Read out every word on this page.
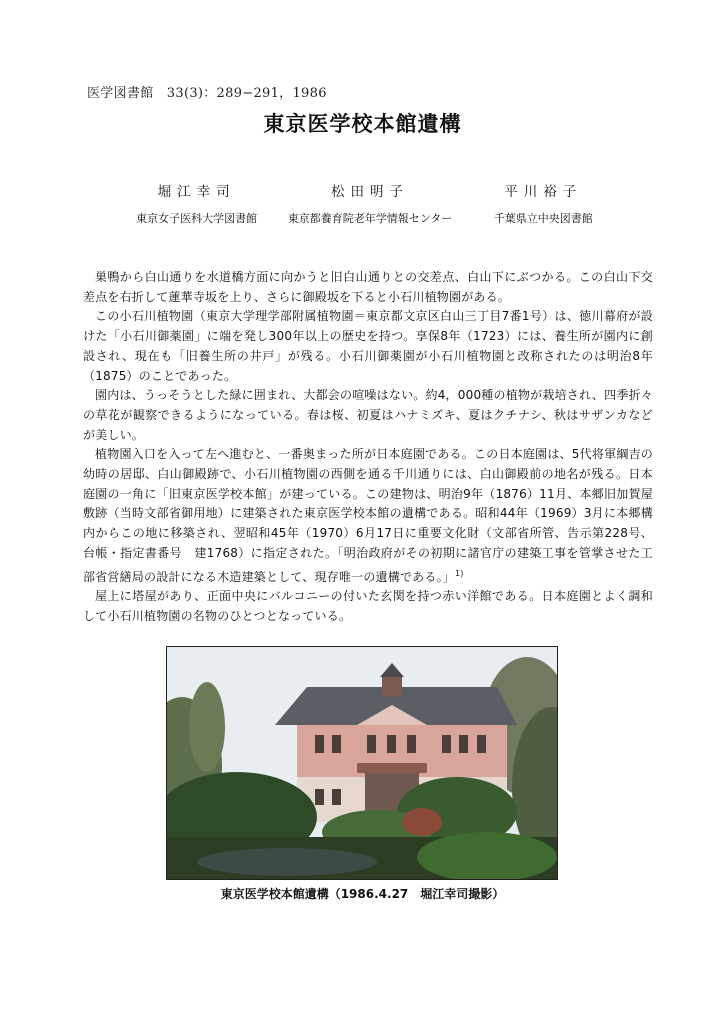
医学図書館　33(3)：289−291，1986
東京医学校本館遺構
堀江幸司
東京女子医科大学図書館
松田明子
東京都養育院老年学情報センター
平川裕子
千葉県立中央図書館

巣鴨から白山通りを水道橋方面に向かうと旧白山通りとの交差点、白山下にぶつかる。この白山下交差点を右折して蓮華寺坂を上り、さらに御殿坂を下ると小石川植物園がある。

この小石川植物園（東京大学理学部附属植物園＝東京都文京区白山三丁目7番1号）は、徳川幕府が設けた「小石川御薬園」に端を発し300年以上の歴史を持つ。享保8年（1723）には、養生所が園内に創設され、現在も「旧養生所の井戸」が残る。小石川御薬園が小石川植物園と改称されたのは明治8年（1875）のことであった。

園内は、うっそうとした緑に囲まれ、大都会の喧噪はない。約4，000種の植物が栽培され、四季折々の草花が観察できるようになっている。春は桜、初夏はハナミズキ、夏はクチナシ、秋はサザンカなどが美しい。

植物園入口を入って左へ進むと、一番奥まった所が日本庭園である。この日本庭園は、5代将軍綱吉の幼時の居邸、白山御殿跡で、小石川植物園の西側を通る千川通りには、白山御殿前の地名が残る。日本庭園の一角に「旧東京医学校本館」が建っている。この建物は、明治9年（1876）11月、本郷旧加賀屋敷跡（当時文部省御用地）に建築された東京医学校本館の遺構である。昭和44年（1969）3月に本郷構内からこの地に移築され、翌昭和45年（1970）6月17日に重要文化財（文部省所管、告示第228号、台帳・指定書番号　建1768）に指定された。「明治政府がその初期に諸官庁の建築工事を管掌させた工部省営繕局の設計になる木造建築として、現存唯一の遺構である。」$^{1)}$

屋上に塔屋があり、正面中央にバルコニーの付いた玄関を持つ赤い洋館である。日本庭園とよく調和して小石川植物園の名物のひとつとなっている。

東京医学校本館遺構（1986.4.27　堀江幸司撮影）
